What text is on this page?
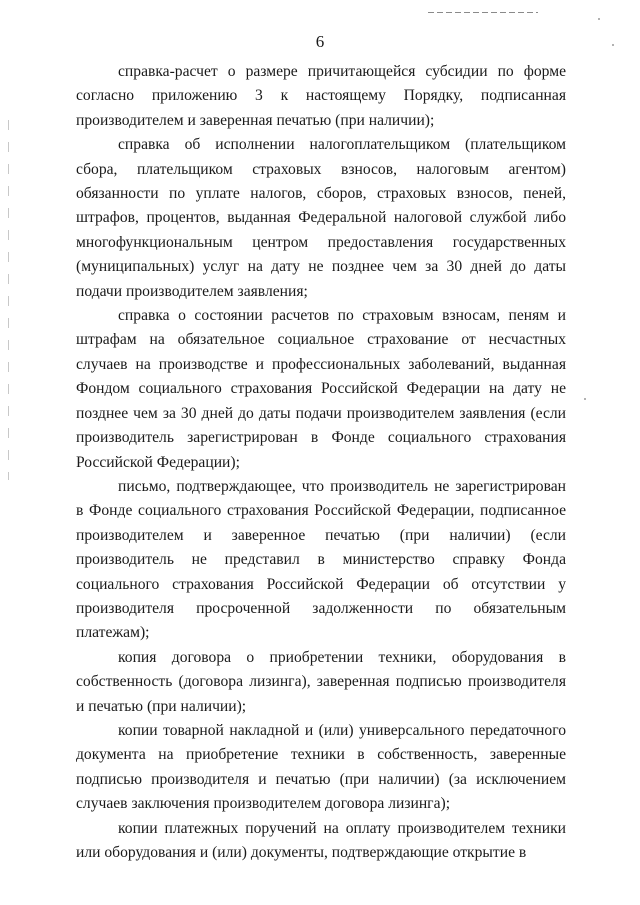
6

справка-расчет о размере причитающейся субсидии по форме согласно приложению 3 к настоящему Порядку, подписанная производителем и заверенная печатью (при наличии);

справка об исполнении налогоплательщиком (плательщиком сбора, плательщиком страховых взносов, налоговым агентом) обязанности по уплате налогов, сборов, страховых взносов, пеней, штрафов, процентов, выданная Федеральной налоговой службой либо многофункциональным центром предоставления государственных (муниципальных) услуг на дату не позднее чем за 30 дней до даты подачи производителем заявления;

справка о состоянии расчетов по страховым взносам, пеням и штрафам на обязательное социальное страхование от несчастных случаев на производстве и профессиональных заболеваний, выданная Фондом социального страхования Российской Федерации на дату не позднее чем за 30 дней до даты подачи производителем заявления (если производитель зарегистрирован в Фонде социального страхования Российской Федерации);

письмо, подтверждающее, что производитель не зарегистрирован в Фонде социального страхования Российской Федерации, подписанное производителем и заверенное печатью (при наличии) (если производитель не представил в министерство справку Фонда социального страхования Российской Федерации об отсутствии у производителя просроченной задолженности по обязательным платежам);

копия договора о приобретении техники, оборудования в собственность (договора лизинга), заверенная подписью производителя и печатью (при наличии);

копии товарной накладной и (или) универсального передаточного документа на приобретение техники в собственность, заверенные подписью производителя и печатью (при наличии) (за исключением случаев заключения производителем договора лизинга);

копии платежных поручений на оплату производителем техники или оборудования и (или) документы, подтверждающие открытие в
